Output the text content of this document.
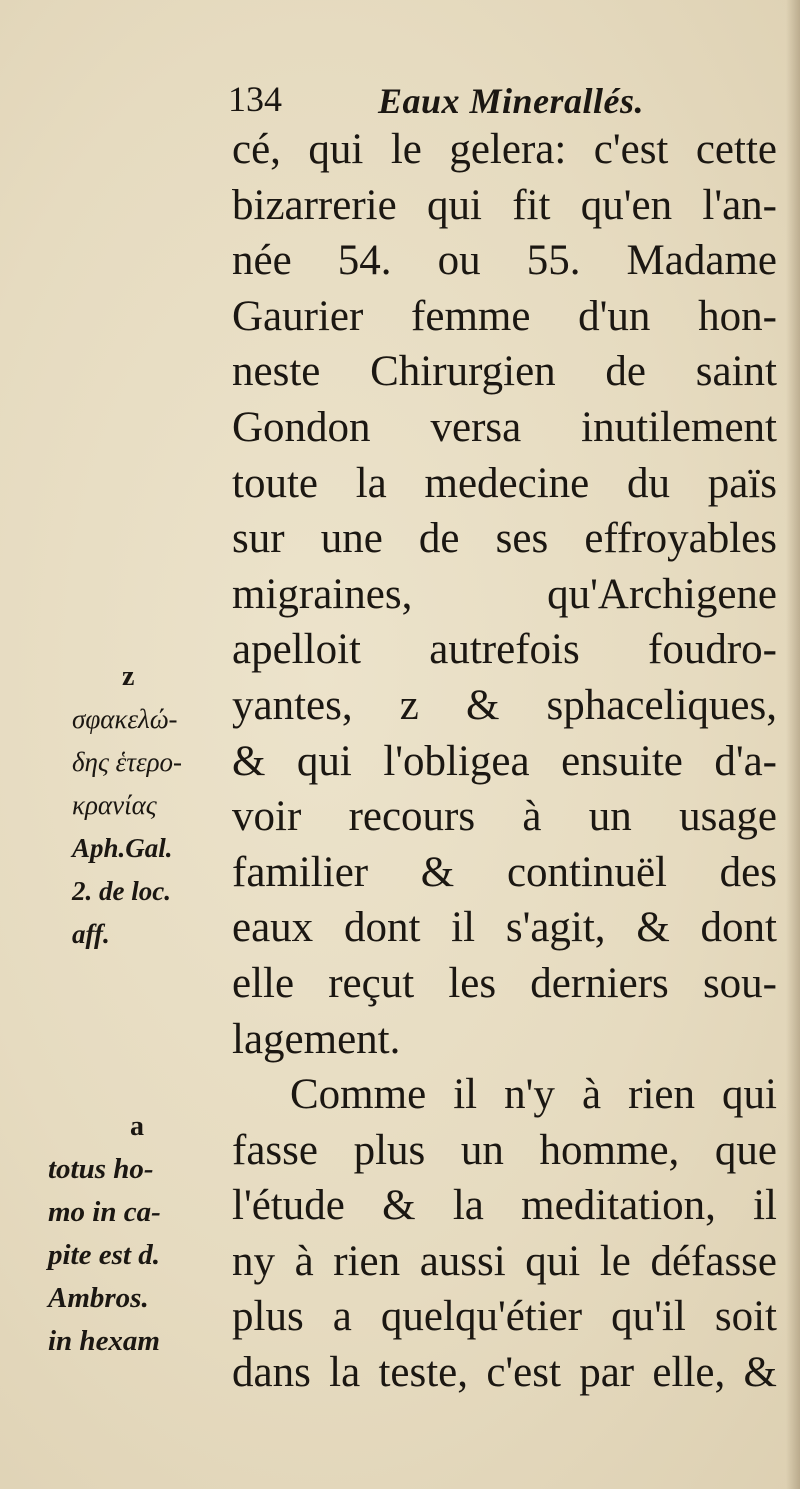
134	Eaux Minerallés.
cé, qui le gelera: c'est cette
bizarrerie qui fit qu'en l'an-
née 54. ou 55. Madame
Gaurier femme d'un hon-
neste Chirurgien de saint
Gondon versa inutilement
toute la medecine du païs
sur une de ses effroyables
migraines, qu'Archigene
apelloit autrefois foudro-
yantes, z & sphaceliques,
& qui l'obligea ensuite d'a-
voir recours à un usage
familier & continuël des
eaux dont il s'agit, & dont
elle reçut les derniers sou-
lagement.
Comme il n'y à rien qui
fasse plus un homme, que
l'étude & la meditation, il
ny à rien aussi qui le défasse
plus a quelqu'étier qu'il soit
dans la teste, c'est par elle, &
z
σφακελώ-
δης ἑτερο-
κρανίας
Aph.Gal.
2. de loc.
aff.
a
totus ho-
mo in ca-
pite est d.
Ambros.
in hexam
